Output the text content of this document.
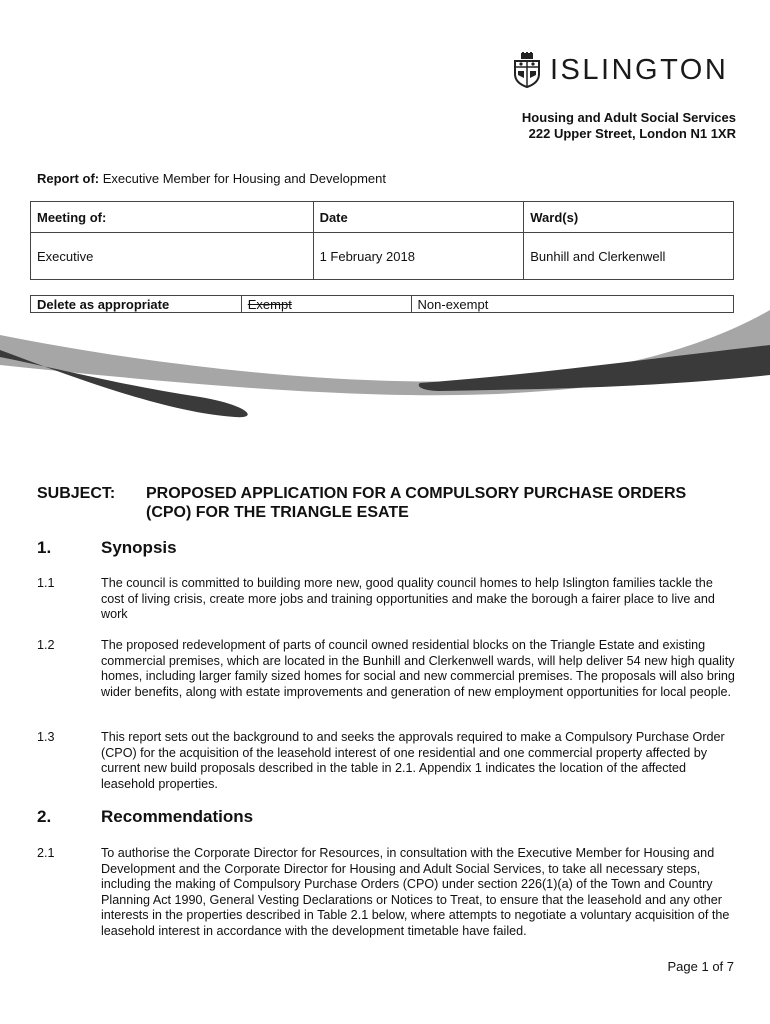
ISLINGTON
Housing and Adult Social Services
222 Upper Street, London N1 1XR
Report of: Executive Member for Housing and Development
Meeting of:	Date	Ward(s)
Executive	1 February 2018	Bunhill and Clerkenwell
Delete as appropriate	Exempt	Non-exempt
SUBJECT: PROPOSED APPLICATION FOR A COMPULSORY PURCHASE ORDERS (CPO) FOR THE TRIANGLE ESATE
1.	Synopsis
1.1	The council is committed to building more new, good quality council homes to help Islington families tackle the cost of living crisis, create more jobs and training opportunities and make the borough a fairer place to live and work
1.2	The proposed redevelopment of parts of council owned residential blocks on the Triangle Estate and existing commercial premises, which are located in the Bunhill and Clerkenwell wards, will help deliver 54 new high quality homes, including larger family sized homes for social and new commercial premises. The proposals will also bring wider benefits, along with estate improvements and generation of new employment opportunities for local people.
1.3	This report sets out the background to and seeks the approvals required to make a Compulsory Purchase Order (CPO) for the acquisition of the leasehold interest of one residential and one commercial property affected by current new build proposals described in the table in 2.1. Appendix 1 indicates the location of the affected leasehold properties.
2.	Recommendations
2.1	To authorise the Corporate Director for Resources, in consultation with the Executive Member for Housing and Development and the Corporate Director for Housing and Adult Social Services, to take all necessary steps, including the making of Compulsory Purchase Orders (CPO) under section 226(1)(a) of the Town and Country Planning Act 1990, General Vesting Declarations or Notices to Treat, to ensure that the leasehold and any other interests in the properties described in Table 2.1 below, where attempts to negotiate a voluntary acquisition of the leasehold interest in accordance with the development timetable have failed.
Page 1 of 7
